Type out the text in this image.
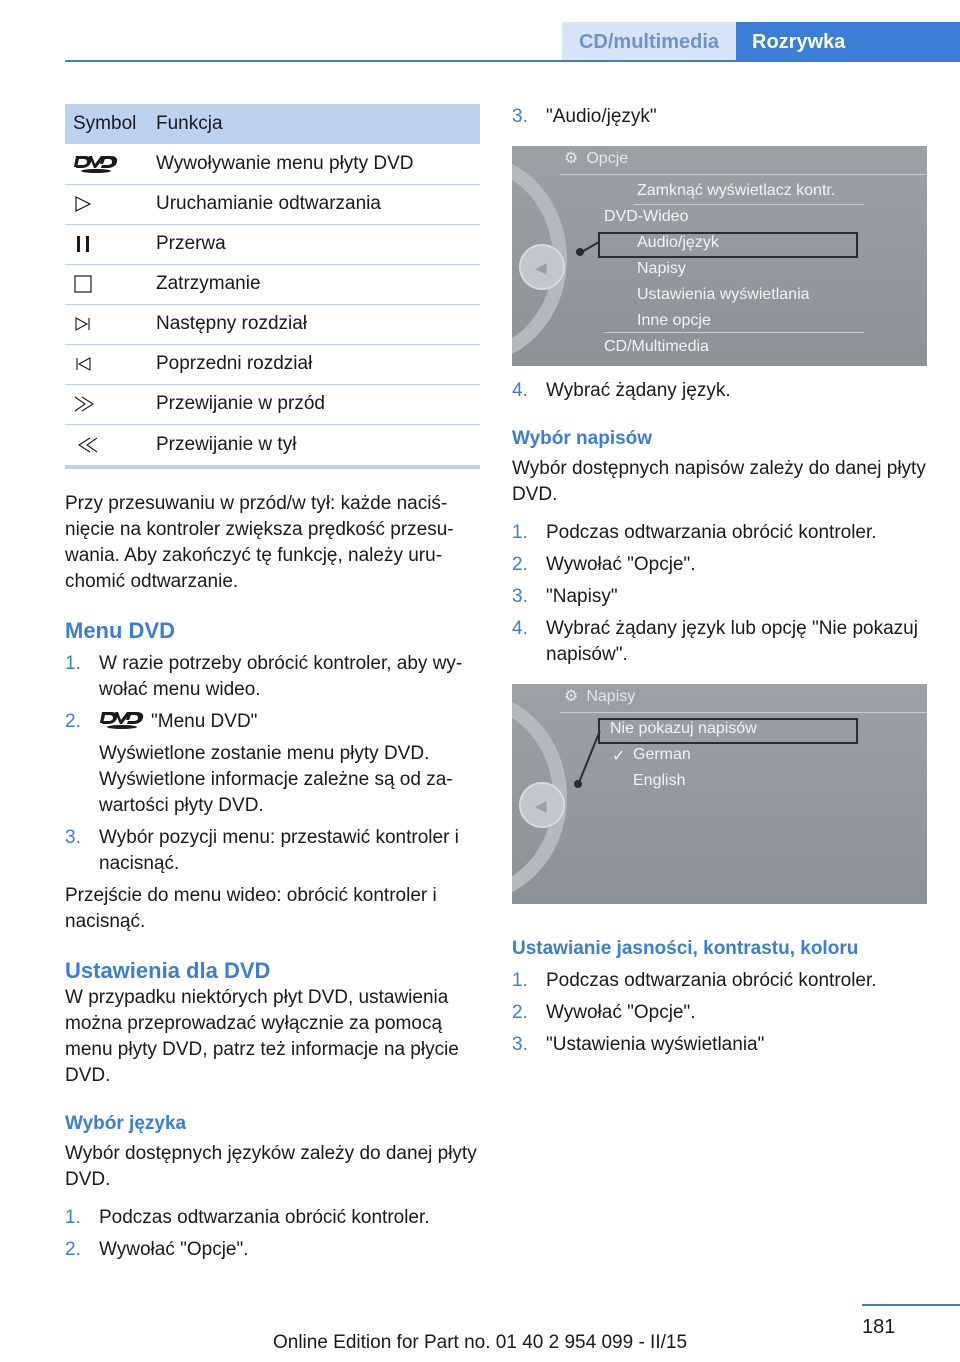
CD/multimedia	Rozrywka
Symbol	Funkcja
	Wywoływanie menu płyty DVD
	Uruchamianie odtwarzania
	Przerwa
	Zatrzymanie
	Następny rozdział
	Poprzedni rozdział
	Przewijanie w przód
	Przewijanie w tył

Przy przesuwaniu w przód/w tył: każde naciśnięcie na kontroler zwiększa prędkość przesuwania. Aby zakończyć tę funkcję, należy uruchomić odtwarzanie.

Menu DVD
1. W razie potrzeby obrócić kontroler, aby wywołać menu wideo.
2.	"Menu DVD"
Wyświetlone zostanie menu płyty DVD. Wyświetlone informacje zależne są od zawartości płyty DVD.
3. Wybór pozycji menu: przestawić kontroler i nacisnąć.

Przejście do menu wideo: obrócić kontroler i nacisnąć.

Ustawienia dla DVD

W przypadku niektórych płyt DVD, ustawienia można przeprowadzać wyłącznie za pomocą menu płyty DVD, patrz też informacje na płycie DVD.

Wybór języka

Wybór dostępnych języków zależy do danej płyty DVD.

1. Podczas odtwarzania obrócić kontroler.
2. Wywołać "Opcje".
3. "Audio/język"
◀
⚙ Opcje
Zamknąć wyświetlacz kontr.
DVD-Wideo
Audio/język
Napisy
Ustawienia wyświetlania
Inne opcje
CD/Multimedia
4. Wybrać żądany język.
Wybór napisów

Wybór dostępnych napisów zależy do danej płyty DVD.

1. Podczas odtwarzania obrócić kontroler.
2. Wywołać "Opcje".
3. "Napisy"
4. Wybrać żądany język lub opcję "Nie pokazuj napisów".
◀
⚙ Napisy
Nie pokazuj napisów
✓ German
English
Ustawianie jasności, kontrastu, koloru
1. Podczas odtwarzania obrócić kontroler.
2. Wywołać "Opcje".
3. "Ustawienia wyświetlania"
181
Online Edition for Part no. 01 40 2 954 099 - II/15
